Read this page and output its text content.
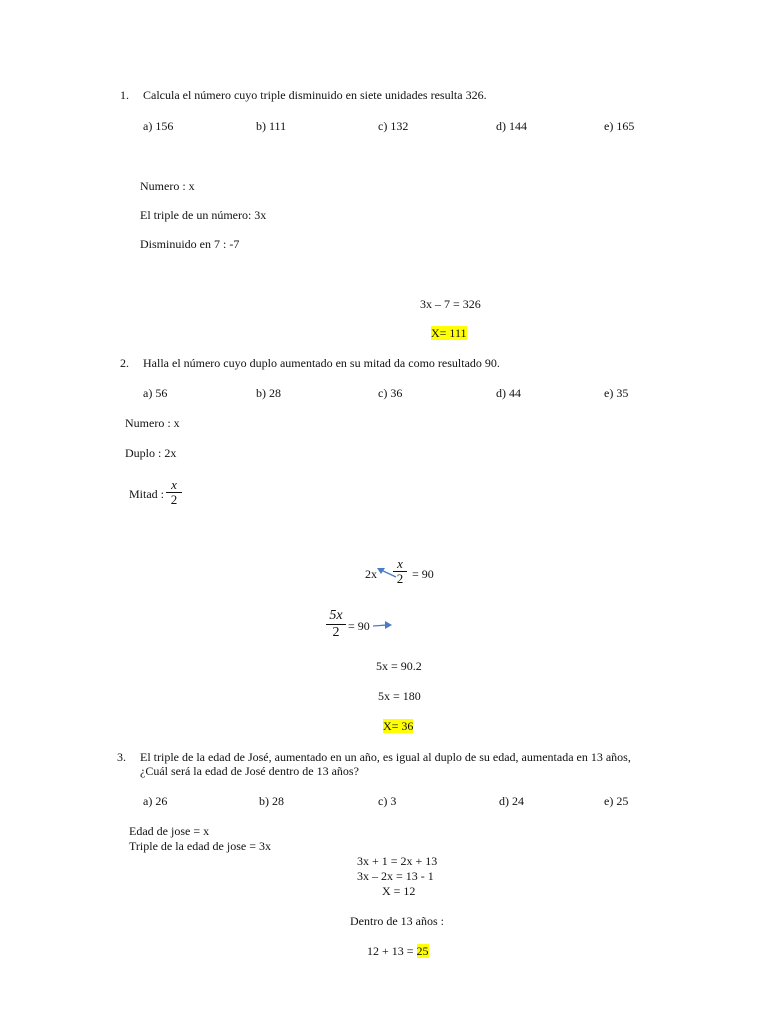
1. Calcula el número cuyo triple disminuido en siete unidades resulta 326.
a) 156	b) 111	c) 132	d) 144	e) 165
Numero : x
El triple de un número: 3x
Disminuido en 7 : -7
3x – 7 = 326
X= 111
2. Halla el número cuyo duplo aumentado en su mitad da como resultado 90.
a) 56	b) 28	c) 36	d) 44	e) 35
Numero : x
Duplo : 2x
Mitad :
x
2
2x
x
2 = 90
5x
2 = 90
5x = 90.2
5x = 180
X= 36
3. El triple de la edad de José, aumentado en un año, es igual al duplo de su edad, aumentada en 13 años,
¿Cuál será la edad de José dentro de 13 años?
a) 26	b) 28	c) 3	d) 24	e) 25
Edad de jose = x
Triple de la edad de jose = 3x
3x + 1 = 2x + 13
3x – 2x = 13 - 1
X = 12
Dentro de 13 años :
12 + 13 = 25
